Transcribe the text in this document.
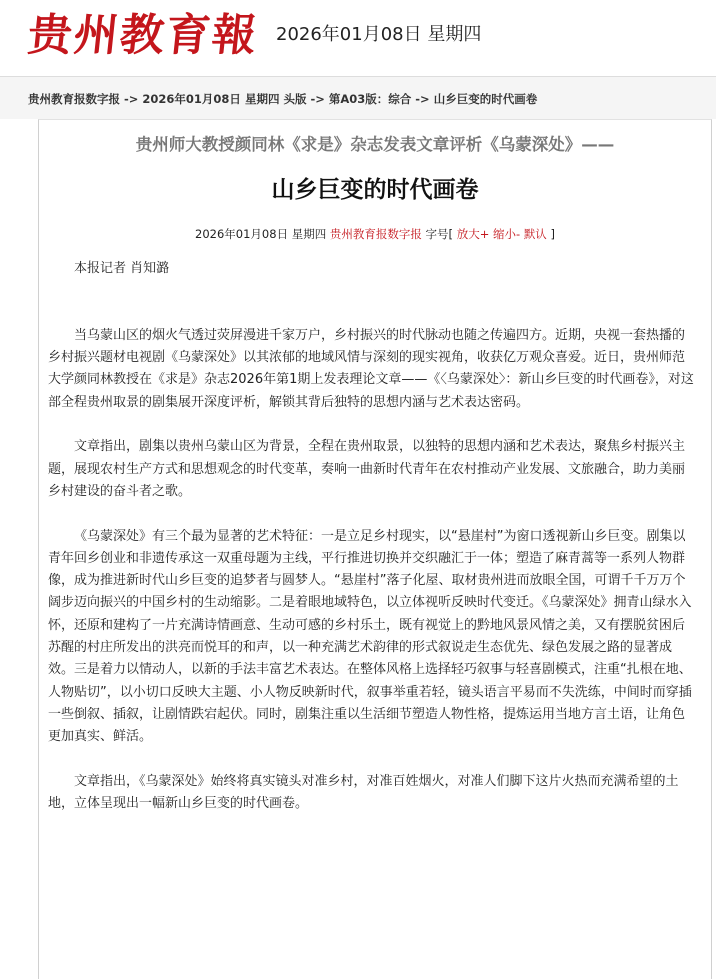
贵州教育報 2026年01月08日 星期四
贵州教育报数字报 -> 2026年01月08日 星期四 头版 -> 第A03版：综合 -> 山乡巨变的时代画卷
贵州师大教授颜同林《求是》杂志发表文章评析《乌蒙深处》——
山乡巨变的时代画卷
2026年01月08日 星期四 贵州教育报数字报 字号[ 放大+ 缩小- 默认 ]

本报记者 肖知潞

当乌蒙山区的烟火气透过荧屏漫进千家万户，乡村振兴的时代脉动也随之传遍四方。近期，央视一套热播的乡村振兴题材电视剧《乌蒙深处》以其浓郁的地域风情与深刻的现实视角，收获亿万观众喜爱。近日，贵州师范大学颜同林教授在《求是》杂志2026年第1期上发表理论文章——《〈乌蒙深处〉：新山乡巨变的时代画卷》，对这部全程贵州取景的剧集展开深度评析，解锁其背后独特的思想内涵与艺术表达密码。

文章指出，剧集以贵州乌蒙山区为背景，全程在贵州取景，以独特的思想内涵和艺术表达，聚焦乡村振兴主题，展现农村生产方式和思想观念的时代变革，奏响一曲新时代青年在农村推动产业发展、文旅融合，助力美丽乡村建设的奋斗者之歌。

《乌蒙深处》有三个最为显著的艺术特征：一是立足乡村现实，以“悬崖村”为窗口透视新山乡巨变。剧集以青年回乡创业和非遗传承这一双重母题为主线，平行推进切换并交织融汇于一体；塑造了麻青蒿等一系列人物群像，成为推进新时代山乡巨变的追梦者与圆梦人。“悬崖村”落子化屋、取材贵州进而放眼全国，可谓千千万万个阔步迈向振兴的中国乡村的生动缩影。二是着眼地域特色，以立体视听反映时代变迁。《乌蒙深处》拥青山绿水入怀，还原和建构了一片充满诗情画意、生动可感的乡村乐土，既有视觉上的黔地风景风情之美，又有摆脱贫困后苏醒的村庄所发出的洪亮而悦耳的和声，以一种充满艺术韵律的形式叙说走生态优先、绿色发展之路的显著成效。三是着力以情动人，以新的手法丰富艺术表达。在整体风格上选择轻巧叙事与轻喜剧模式，注重“扎根在地、人物贴切”，以小切口反映大主题、小人物反映新时代，叙事举重若轻，镜头语言平易而不失洗练，中间时而穿插一些倒叙、插叙，让剧情跌宕起伏。同时，剧集注重以生活细节塑造人物性格，提炼运用当地方言土语，让角色更加真实、鲜活。

文章指出，《乌蒙深处》始终将真实镜头对准乡村，对准百姓烟火，对准人们脚下这片火热而充满希望的土地，立体呈现出一幅新山乡巨变的时代画卷。
